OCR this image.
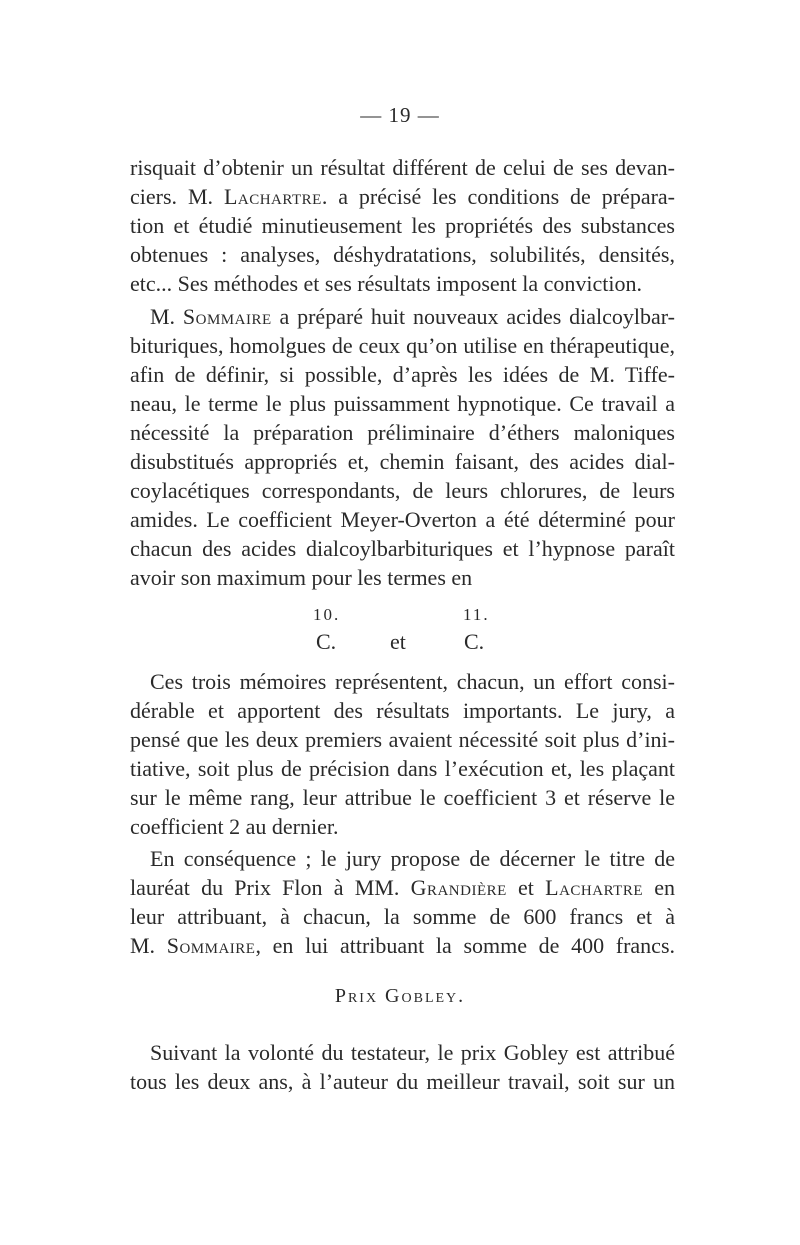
— 19 —
risquait d’obtenir un résultat différent de celui de ses devan-
ciers. M. Lachartre. a précisé les conditions de prépara-
tion et étudié minutieusement les propriétés des substances
obtenues : analyses, déshydratations, solubilités, densités,
etc... Ses méthodes et ses résultats imposent la conviction.
M. Sommaire a préparé huit nouveaux acides dialcoylbar-
bituriques, homolgues de ceux qu’on utilise en thérapeutique,
afin de définir, si possible, d’après les idées de M. Tiffe-
neau, le terme le plus puissamment hypnotique. Ce travail a
nécessité la préparation préliminaire d’éthers maloniques
disubstitués appropriés et, chemin faisant, des acides dial-
coylacétiques correspondants, de leurs chlorures, de leurs
amides. Le coefficient Meyer-Overton a été déterminé pour
chacun des acides dialcoylbarbituriques et l’hypnose paraît
avoir son maximum pour les termes en
10.	11.
C. et	C.
Ces trois mémoires représentent, chacun, un effort consi-
dérable et apportent des résultats importants. Le jury, a
pensé que les deux premiers avaient nécessité soit plus d’ini-
tiative, soit plus de précision dans l’exécution et, les plaçant
sur le même rang, leur attribue le coefficient 3 et réserve le
coefficient 2 au dernier.
En conséquence ; le jury propose de décerner le titre de
lauréat du Prix Flon à MM. Grandière et Lachartre en
leur attribuant, à chacun, la somme de 600 francs et à
M. Sommaire, en lui attribuant la somme de 400 francs.
Prix Gobley.
Suivant la volonté du testateur, le prix Gobley est attribué
tous les deux ans, à l’auteur du meilleur travail, soit sur un
